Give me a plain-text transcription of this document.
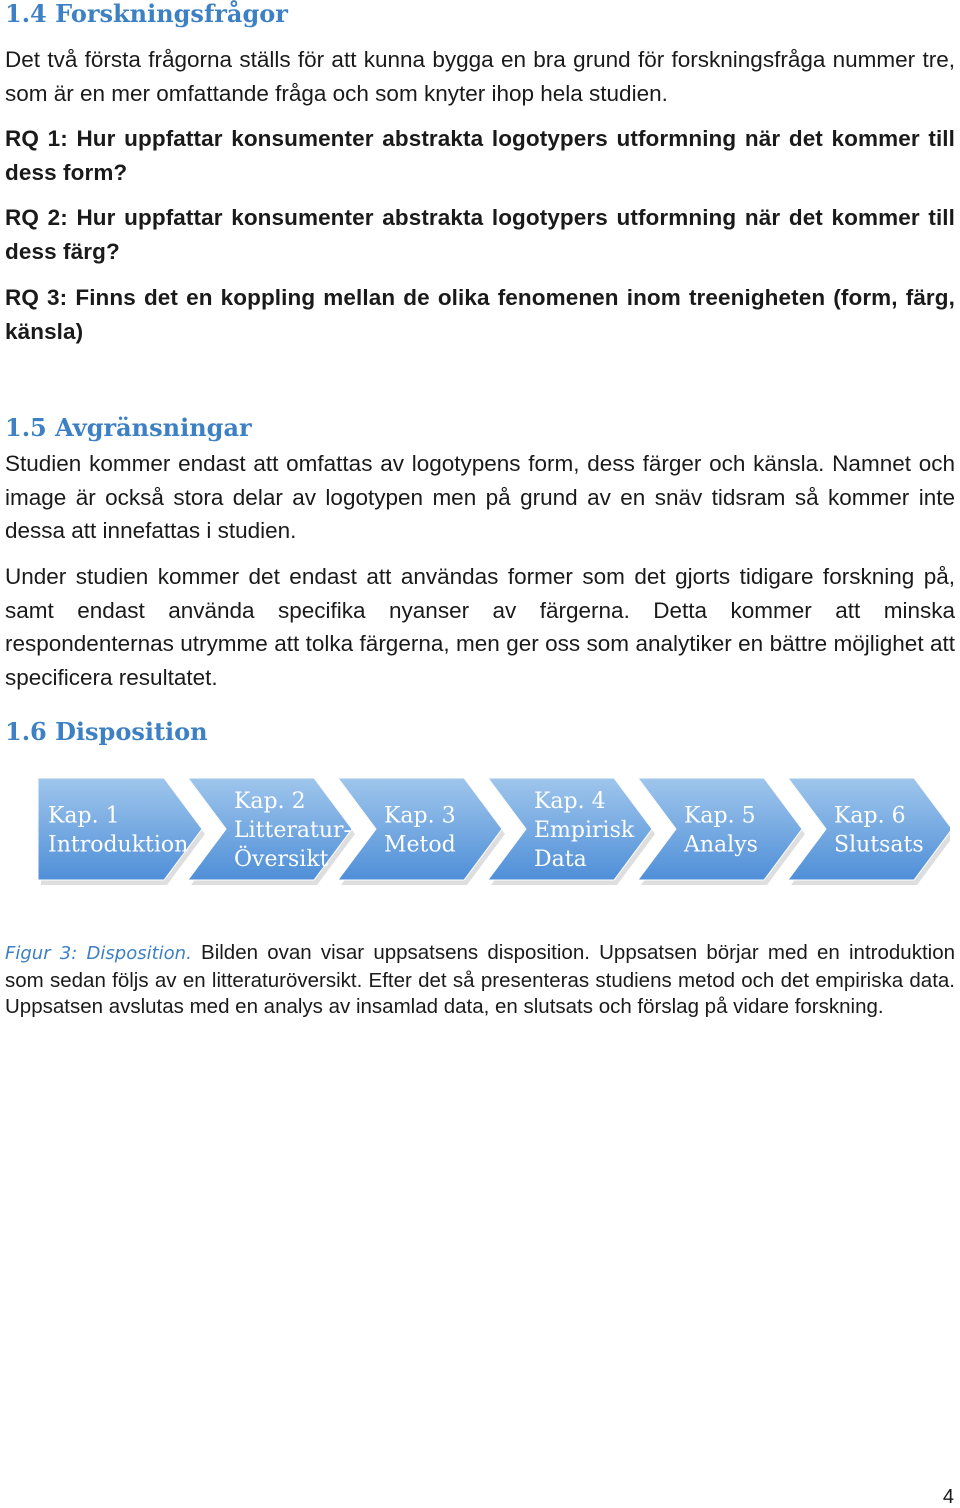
1.4 Forskningsfrågor

Det två första frågorna ställs för att kunna bygga en bra grund för forskningsfråga nummer tre, som är en mer omfattande fråga och som knyter ihop hela studien.

RQ 1: Hur uppfattar konsumenter abstrakta logotypers utformning när det kommer till dess form?

RQ 2: Hur uppfattar konsumenter abstrakta logotypers utformning när det kommer till dess färg?

RQ 3: Finns det en koppling mellan de olika fenomenen inom treenigheten (form, färg, känsla)

1.5 Avgränsningar

Studien kommer endast att omfattas av logotypens form, dess färger och känsla. Namnet och image är också stora delar av logotypen men på grund av en snäv tidsram så kommer inte dessa att innefattas i studien.

Under studien kommer det endast att användas former som det gjorts tidigare forskning på, samt endast använda specifika nyanser av färgerna. Detta kommer att minska respondenternas utrymme att tolka färgerna, men ger oss som analytiker en bättre möjlighet att specificera resultatet.

1.6 Disposition
Kap. 1
Introduktion
Kap. 2
Litteratur-
Översikt
Kap. 3
Metod
Kap. 4
Empirisk
Data
Kap. 5
Analys
Kap. 6
Slutsats

Figur 3: Disposition. Bilden ovan visar uppsatsens disposition. Uppsatsen börjar med en introduktion som sedan följs av en litteraturöversikt. Efter det så presenteras studiens metod och det empiriska data. Uppsatsen avslutas med en analys av insamlad data, en slutsats och förslag på vidare forskning.

4
